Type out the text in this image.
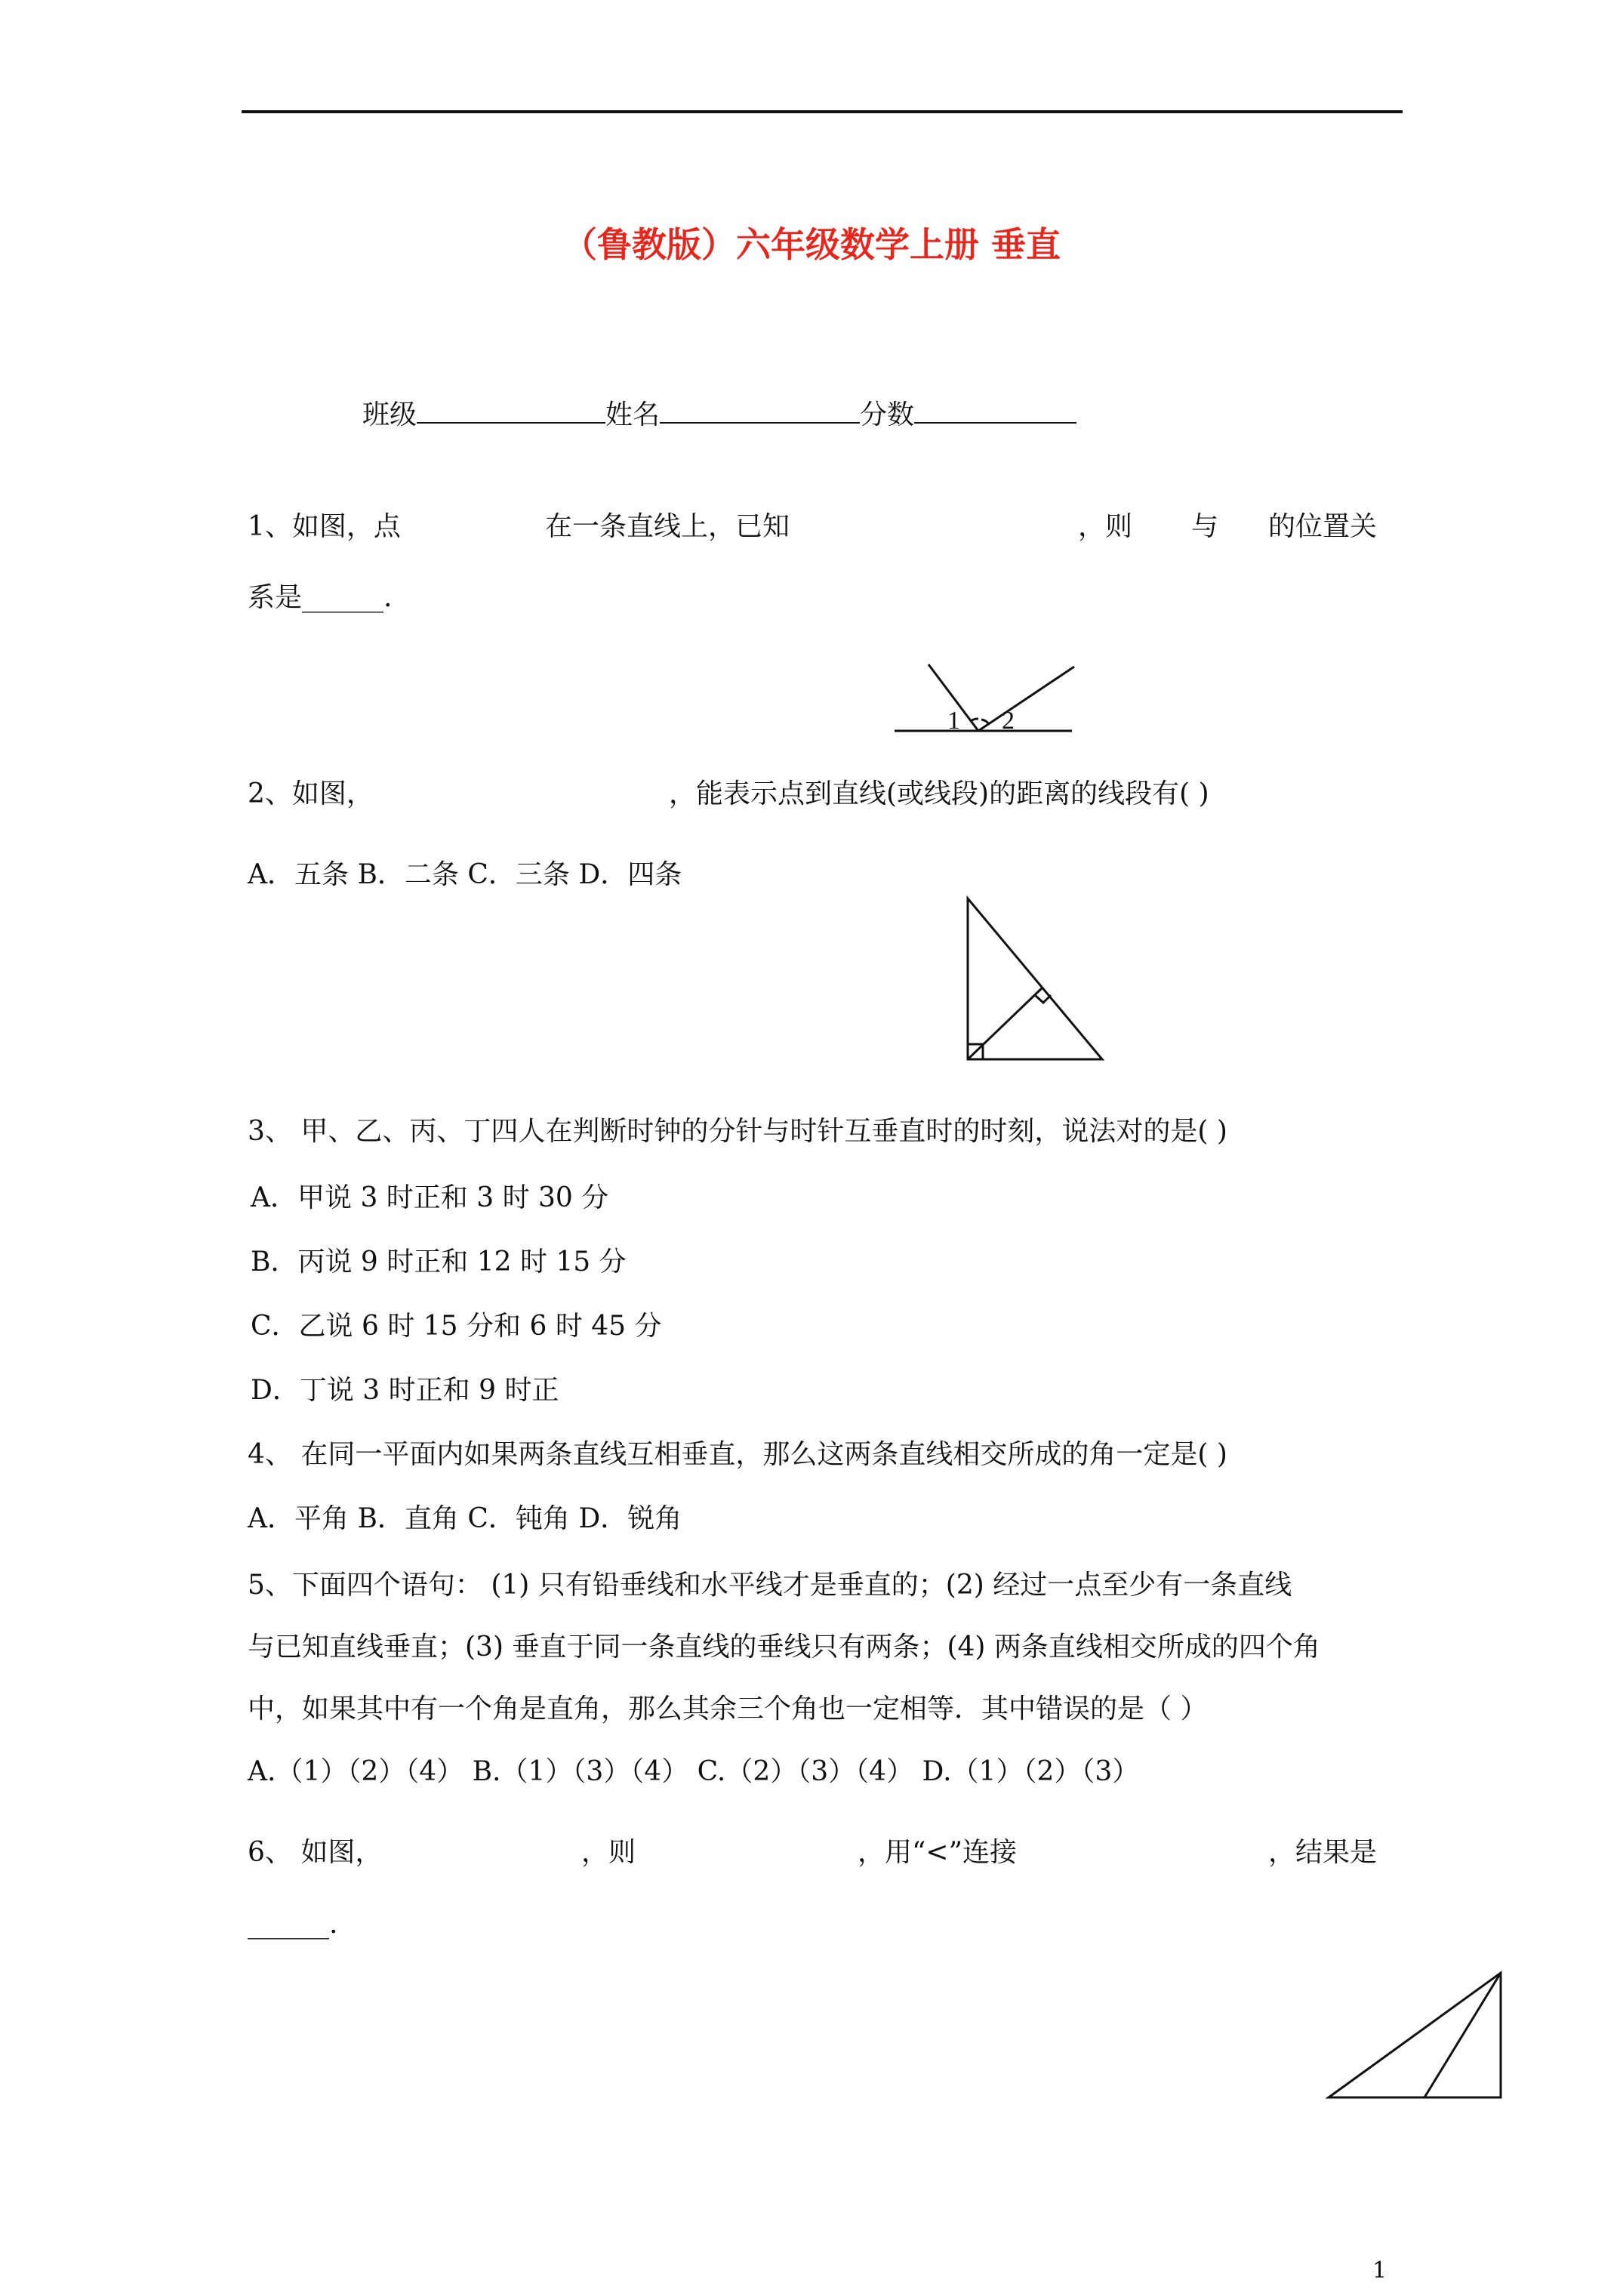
（鲁教版）六年级数学上册 垂直
班级	姓名	分数
1、如图，点	在一条直线上，已知	，则 与 的位置关
系是______.
1 2
2、如图，	，能表示点到直线(或线段)的距离的线段有( )
A．五条 B．二条 C．三条 D．四条
3、 甲、乙、丙、丁四人在判断时钟的分针与时针互垂直时的时刻，说法对的是( )
A．甲说 3 时正和 3 时 30 分
B．丙说 9 时正和 12 时 15 分
C．乙说 6 时 15 分和 6 时 45 分
D．丁说 3 时正和 9 时正
4、 在同一平面内如果两条直线互相垂直，那么这两条直线相交所成的角一定是( )
A．平角 B．直角 C．钝角 D．锐角
5、下面四个语句： (1) 只有铅垂线和水平线才是垂直的；(2) 经过一点至少有一条直线
与已知直线垂直；(3) 垂直于同一条直线的垂线只有两条；(4) 两条直线相交所成的四个角
中，如果其中有一个角是直角，那么其余三个角也一定相等．其中错误的是（ ）
A.（1）（2）（4） B.（1）（3）（4） C.（2）（3）（4） D.（1）（2）（3）
6、 如图，	，则	，用“<”连接	，结果是
______.
1
